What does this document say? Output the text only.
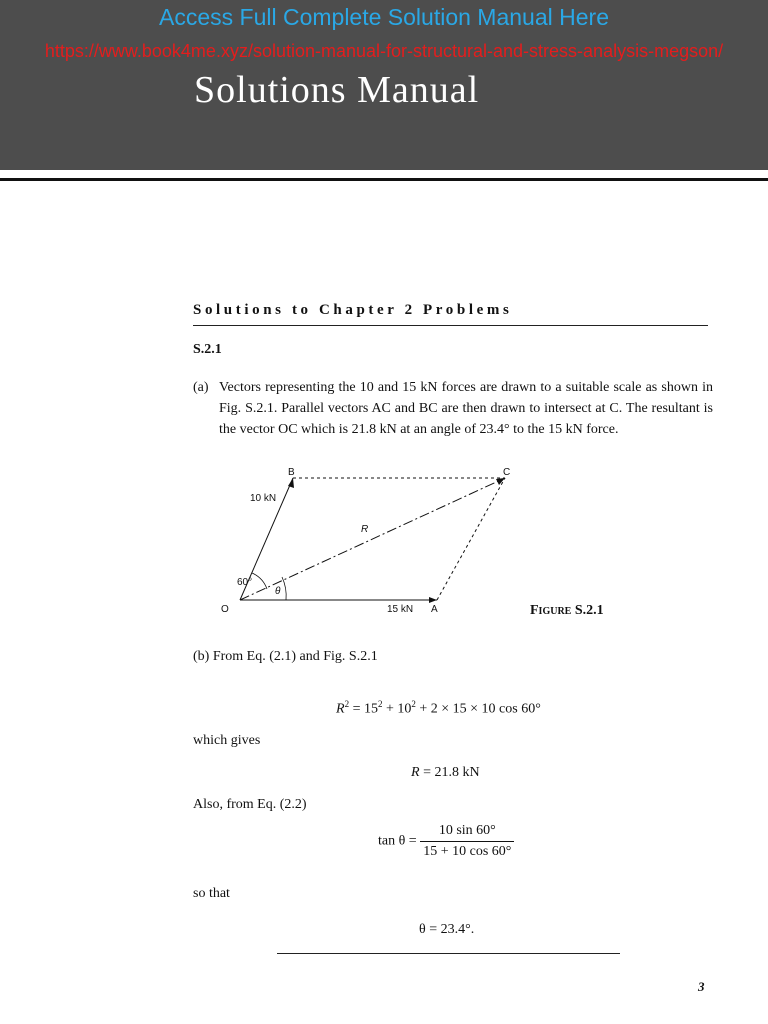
Access Full Complete Solution Manual Here
https://www.book4me.xyz/solution-manual-for-structural-and-stress-analysis-megson/
Solutions Manual
Solutions to Chapter 2 Problems
S.2.1
(a) Vectors representing the 10 and 15 kN forces are drawn to a suitable scale as shown in Fig. S.2.1. Parallel vectors AC and BC are then drawn to intersect at C. The resultant is the vector OC which is 21.8 kN at an angle of 23.4° to the 15 kN force.
B	C
O	A
10 kN
15 kN
R
60°
θ
Figure S.2.1
(b) From Eq. (2.1) and Fig. S.2.1
$R^2 = 15^2 + 10^2 + 2 \times 15 \times 10$ cos 60°
which gives
R = 21.8 kN
Also, from Eq. (2.2)
$\tan \theta = \frac{10 \sin 60^\circ}{15 + 10 \cos 60^\circ}$
so that
θ = 23.4°.
3
